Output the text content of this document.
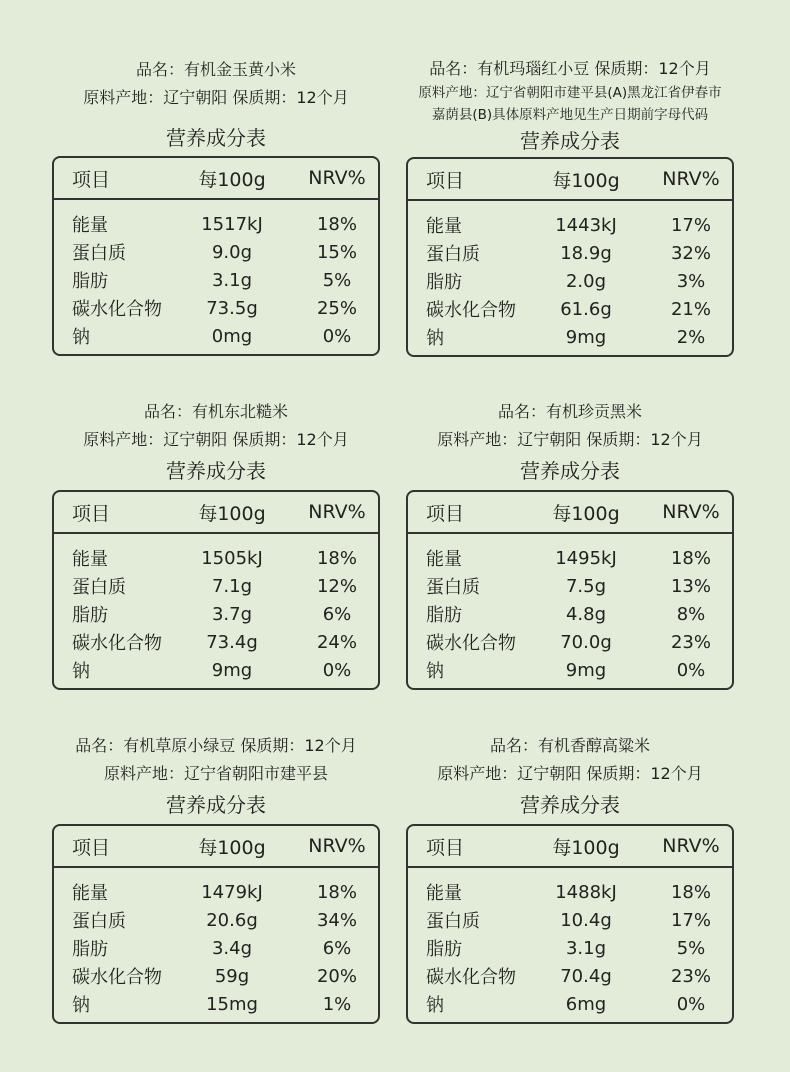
品名：有机金玉黄小米
原料产地：辽宁朝阳 保质期：12个月
营养成分表
项目	每100g	NRV%
能量	1517kJ	18%
蛋白质	9.0g	15%
脂肪	3.1g	5%
碳水化合物	73.5g	25%
钠	0mg	0%
品名：有机玛瑙红小豆 保质期：12个月
原料产地：辽宁省朝阳市建平县(A)黑龙江省伊春市
嘉荫县(B)具体原料产地见生产日期前字母代码
营养成分表
项目	每100g	NRV%
能量	1443kJ	17%
蛋白质	18.9g	32%
脂肪	2.0g	3%
碳水化合物	61.6g	21%
钠	9mg	2%
品名：有机东北糙米
原料产地：辽宁朝阳 保质期：12个月
营养成分表
项目	每100g	NRV%
能量	1505kJ	18%
蛋白质	7.1g	12%
脂肪	3.7g	6%
碳水化合物	73.4g	24%
钠	9mg	0%
品名：有机珍贡黑米
原料产地：辽宁朝阳 保质期：12个月
营养成分表
项目	每100g	NRV%
能量	1495kJ	18%
蛋白质	7.5g	13%
脂肪	4.8g	8%
碳水化合物	70.0g	23%
钠	9mg	0%
品名：有机草原小绿豆 保质期：12个月
原料产地：辽宁省朝阳市建平县
营养成分表
项目	每100g	NRV%
能量	1479kJ	18%
蛋白质	20.6g	34%
脂肪	3.4g	6%
碳水化合物	59g	20%
钠	15mg	1%
品名：有机香醇高粱米
原料产地：辽宁朝阳 保质期：12个月
营养成分表
项目	每100g	NRV%
能量	1488kJ	18%
蛋白质	10.4g	17%
脂肪	3.1g	5%
碳水化合物	70.4g	23%
钠	6mg	0%
